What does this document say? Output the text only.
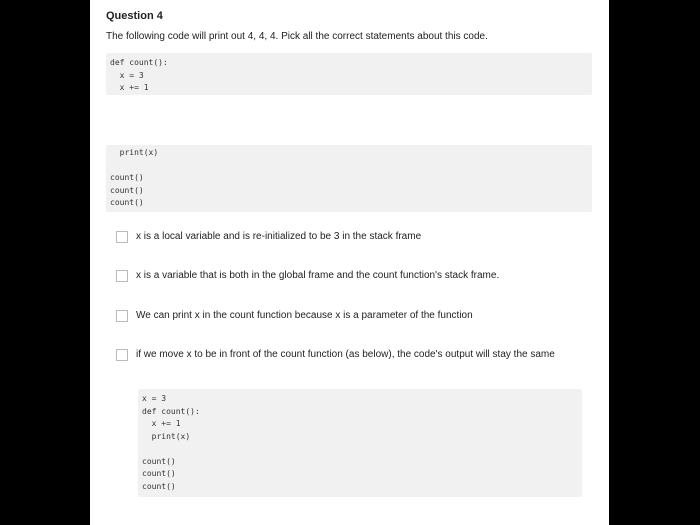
Question 4
The following code will print out 4, 4, 4. Pick all the correct statements about this code.
def count():
x = 3
x += 1
print(x)
count()
count()
count()
x is a local variable and is re-initialized to be 3 in the stack frame
x is a variable that is both in the global frame and the count function's stack frame.
We can print x in the count function because x is a parameter of the function
if we move x to be in front of the count function (as below), the code's output will stay the same
x = 3
def count():
x += 1
print(x)
count()
count()
count()
